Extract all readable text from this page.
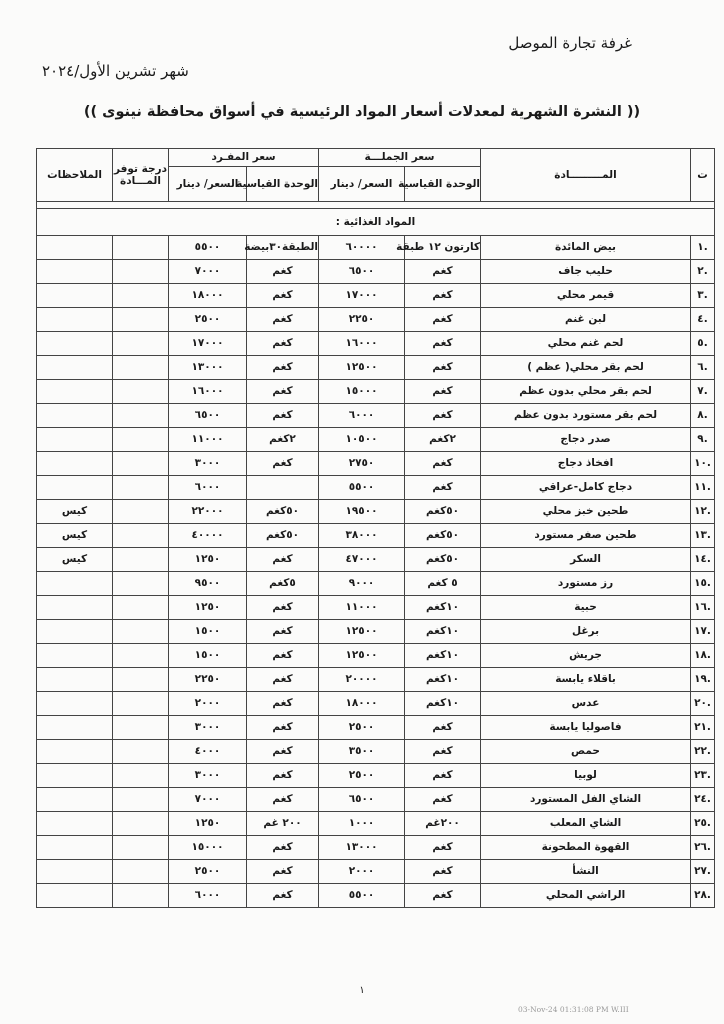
غرفة تجارة الموصل
شهر تشرين الأول/٢٠٢٤
(( النشرة الشهرية لمعدلات أسعار المواد الرئيسية في أسواق محافظة نينوى ))
ت	المـــــــــادة	سعر الجملـــة		سعر المفـرد		درجة توفر المـــادة	الملاحظات
		الوحدة القياسية	السعر/ دينار	الوحدة القياسية	السعر/ دينار		

المواد الغذائية :							
.١	بيض المائدة	كارتون ١٢ طبقة	٦٠٠٠٠	الطبقة٣٠بيضة	٥٥٠٠		
.٢	حليب جاف	كغم	٦٥٠٠	كغم	٧٠٠٠		
.٣	قيمر محلي	كغم	١٧٠٠٠	كغم	١٨٠٠٠		
.٤	لبن غنم	كغم	٢٢٥٠	كغم	٢٥٠٠		
.٥	لحم غنم محلي	كغم	١٦٠٠٠	كغم	١٧٠٠٠		
.٦	لحم بقر محلي( عظم )	كغم	١٢٥٠٠	كغم	١٣٠٠٠		
.٧	لحم بقر محلي بدون عظم	كغم	١٥٠٠٠	كغم	١٦٠٠٠		
.٨	لحم بقر مستورد بدون عظم	كغم	٦٠٠٠	كغم	٦٥٠٠		
.٩	صدر دجاج	٢كغم	١٠٥٠٠	٢كغم	١١٠٠٠		
.١٠	افخاذ دجاج	كغم	٢٧٥٠	كغم	٣٠٠٠		
.١١	دجاج كامل-عراقي	كغم	٥٥٠٠		٦٠٠٠		
.١٢	طحين خبز محلي	٥٠كغم	١٩٥٠٠	٥٠كغم	٢٢٠٠٠		كيس
.١٣	طحين صفر مستورد	٥٠كغم	٣٨٠٠٠	٥٠كغم	٤٠٠٠٠		كيس
.١٤	السكر	٥٠كغم	٤٧٠٠٠	كغم	١٢٥٠		كيس
.١٥	رز مستورد	٥ كغم	٩٠٠٠	٥كغم	٩٥٠٠		
.١٦	حبية	١٠كغم	١١٠٠٠	كغم	١٢٥٠		
.١٧	برغل	١٠كغم	١٢٥٠٠	كغم	١٥٠٠		
.١٨	جريش	١٠كغم	١٢٥٠٠	كغم	١٥٠٠		
.١٩	باقلاء يابسة	١٠كغم	٢٠٠٠٠	كغم	٢٢٥٠		
.٢٠	عدس	١٠كغم	١٨٠٠٠	كغم	٢٠٠٠		
.٢١	فاصوليا يابسة	كغم	٢٥٠٠	كغم	٣٠٠٠		
.٢٢	حمص	كغم	٣٥٠٠	كغم	٤٠٠٠		
.٢٣	لوبيا	كغم	٢٥٠٠	كغم	٣٠٠٠		
.٢٤	الشاي الفل المستورد	كغم	٦٥٠٠	كغم	٧٠٠٠		
.٢٥	الشاي المعلب	٢٠٠غم	١٠٠٠	٢٠٠ غم	١٢٥٠		
.٢٦	القهوة المطحونة	كغم	١٣٠٠٠	كغم	١٥٠٠٠		
.٢٧	النشأ	كغم	٢٠٠٠	كغم	٢٥٠٠		
.٢٨	الراشي المحلي	كغم	٥٥٠٠	كغم	٦٠٠٠		
١
03-Nov-24 01:31:08 PM W.III
